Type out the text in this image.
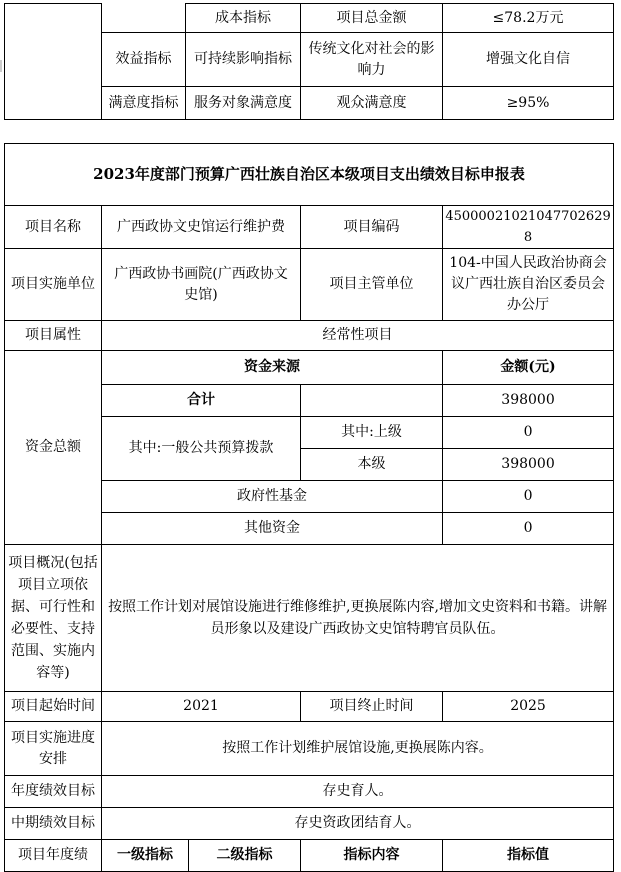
		成本指标	项目总金额	≤78.2万元
	效益指标	可持续影响指标	传统文化对社会的影响力	增强文化自信
	满意度指标	服务对象满意度	观众满意度	≥95%
2023年度部门预算广西壮族自治区本级项目支出绩效目标申报表				
项目名称	广西政协文史馆运行维护费		项目编码	45000021021047702629​8
项目实施单位	广西政协书画院(广西政协文史馆)		项目主管单位	104-中国人民政治协商会议广西壮族自治区委员会办公厅
项目属性	经常性项目			
资金总额	资金来源			金额(元)
	合计			398000
	其中:一般公共预算拨款		其中:上级	0
			本级	398000
	政府性基金			0
	其他资金			0
项目概况(包括项目立项依据、可行性和必要性、支持范围、实施内容等)	按照工作计划对展馆设施进行维修维护,更换展陈内容,增加文史资料和书籍。讲解员形象以及建设广西政协文史馆特聘官员队伍。			
项目起始时间	2021		项目终止时间	2025
项目实施进度安排	按照工作计划维护展馆设施,更换展陈内容。			
年度绩效目标	存史育人。			
中期绩效目标	存史资政团结育人。			
项目年度绩	一级指标	二级指标	指标内容	指标值
